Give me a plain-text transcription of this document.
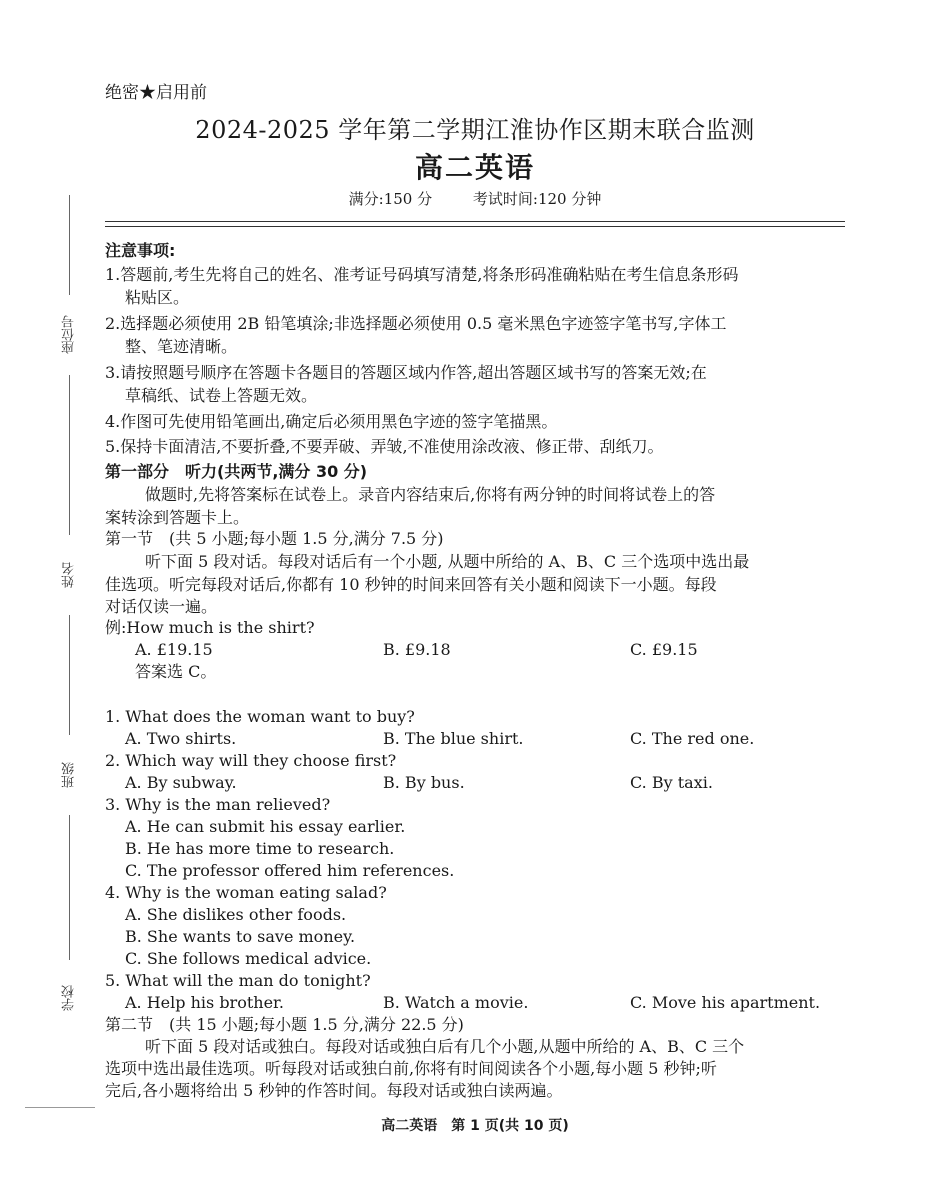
座位号
姓名
班级
学校
绝密★启用前
2024-2025 学年第二学期江淮协作区期末联合监测
高二英语
满分:150 分	考试时间:120 分钟
注意事项:
1.答题前,考生先将自己的姓名、准考证号码填写清楚,将条形码准确粘贴在考生信息条形码
粘贴区。
2.选择题必须使用 2B 铅笔填涂;非选择题必须使用 0.5 毫米黑色字迹签字笔书写,字体工
整、笔迹清晰。
3.请按照题号顺序在答题卡各题目的答题区域内作答,超出答题区域书写的答案无效;在
草稿纸、试卷上答题无效。
4.作图可先使用铅笔画出,确定后必须用黑色字迹的签字笔描黑。
5.保持卡面清洁,不要折叠,不要弄破、弄皱,不准使用涂改液、修正带、刮纸刀。
第一部分　听力(共两节,满分 30 分)
做题时,先将答案标在试卷上。录音内容结束后,你将有两分钟的时间将试卷上的答
案转涂到答题卡上。
第一节　(共 5 小题;每小题 1.5 分,满分 7.5 分)
听下面 5 段对话。每段对话后有一个小题, 从题中所给的 A、B、C 三个选项中选出最
佳选项。听完每段对话后,你都有 10 秒钟的时间来回答有关小题和阅读下一小题。每段
对话仅读一遍。
例:How much is the shirt?
A. £19.15	B. £9.18	C. £9.15
答案选 C。
1. What does the woman want to buy?
A. Two shirts.	B. The blue shirt.	C. The red one.
2. Which way will they choose first?
A. By subway.	B. By bus.	C. By taxi.
3. Why is the man relieved?
A. He can submit his essay earlier.
B. He has more time to research.
C. The professor offered him references.
4. Why is the woman eating salad?
A. She dislikes other foods.
B. She wants to save money.
C. She follows medical advice.
5. What will the man do tonight?
A. Help his brother.	B. Watch a movie.	C. Move his apartment.
第二节　(共 15 小题;每小题 1.5 分,满分 22.5 分)
听下面 5 段对话或独白。每段对话或独白后有几个小题,从题中所给的 A、B、C 三个
选项中选出最佳选项。听每段对话或独白前,你将有时间阅读各个小题,每小题 5 秒钟;听
完后,各小题将给出 5 秒钟的作答时间。每段对话或独白读两遍。
高二英语　第 1 页(共 10 页)
